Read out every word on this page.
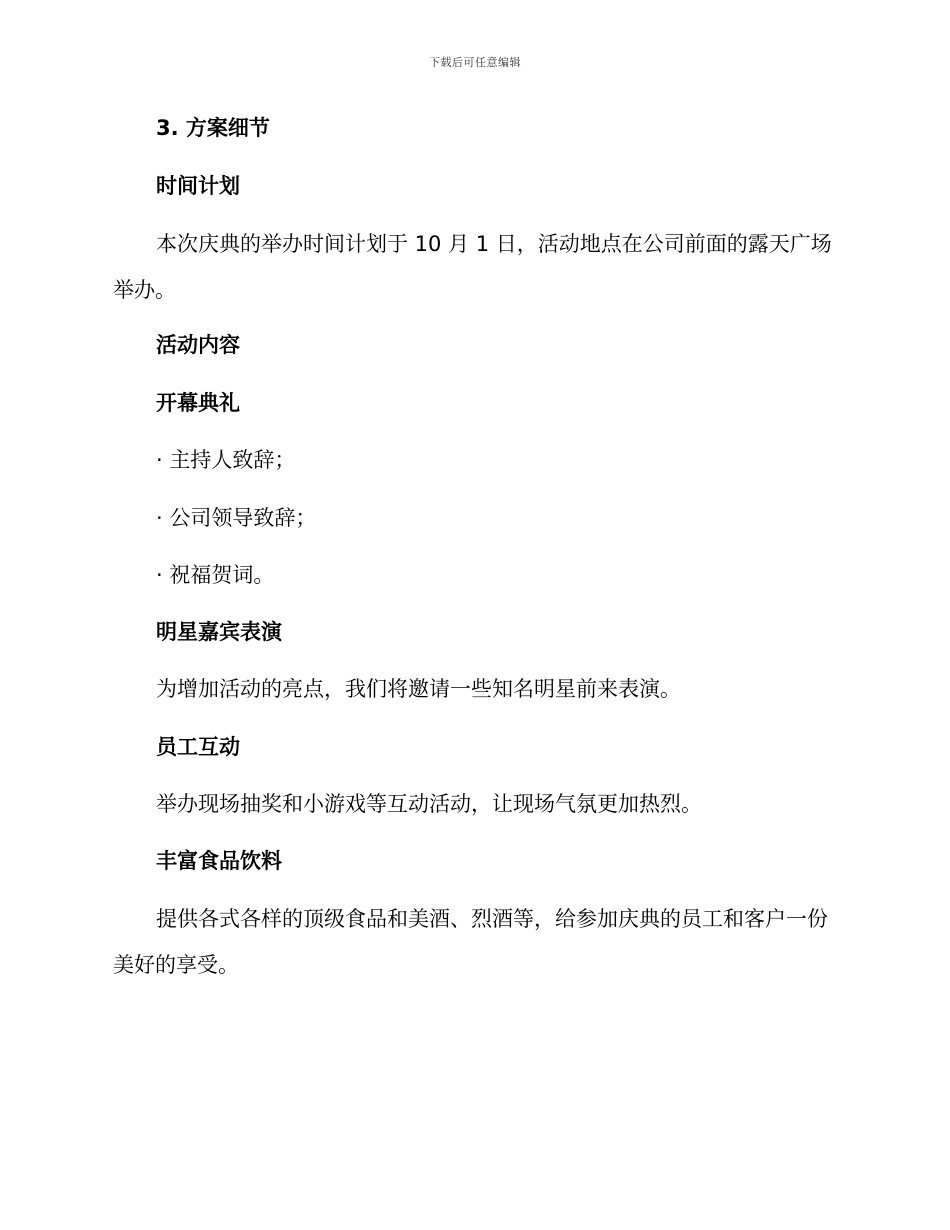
下载后可任意编辑
3. 方案细节
时间计划
本次庆典的举办时间计划于 10 月 1 日，活动地点在公司前面的露天广场举办。
活动内容
开幕典礼
· 主持人致辞；
· 公司领导致辞；
· 祝福贺词。
明星嘉宾表演
为增加活动的亮点，我们将邀请一些知名明星前来表演。
员工互动
举办现场抽奖和小游戏等互动活动，让现场气氛更加热烈。
丰富食品饮料
提供各式各样的顶级食品和美酒、烈酒等，给参加庆典的员工和客户一份美好的享受。
